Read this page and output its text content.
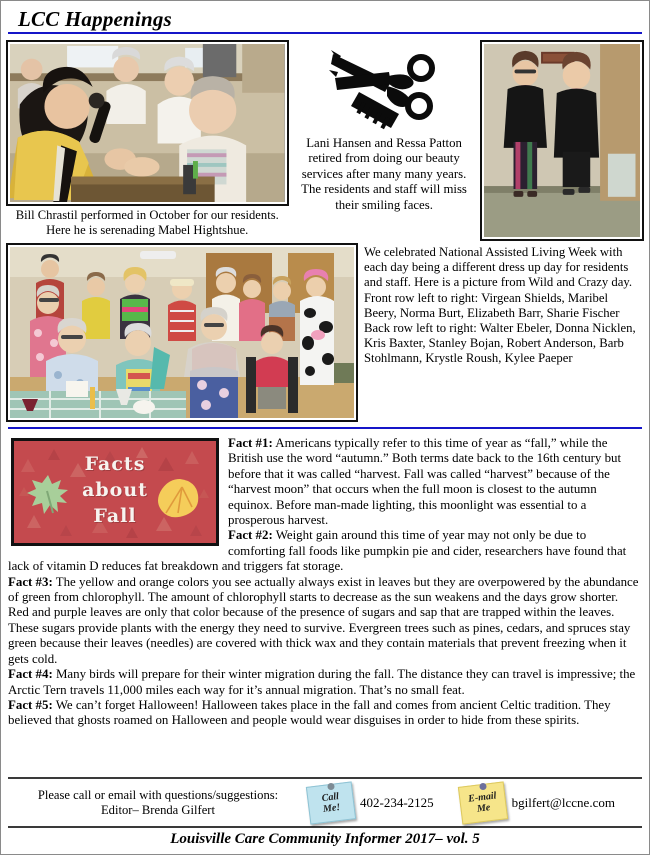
LCC Happenings
Bill Chrastil performed in October for our residents. Here he is serenading Mabel Hightshue.
Lani Hansen and Ressa Patton retired from doing our beauty services after many many years. The residents and staff will miss their smiling faces.
We celebrated National Assisted Living Week with each day being a different dress up day for residents and staff. Here is a picture from Wild and Crazy day.
Front row left to right: Virgean Shields, Maribel Beery, Norma Burt, Elizabeth Barr, Sharie Fischer
Back row left to right: Walter Ebeler, Donna Nicklen, Kris Baxter, Stanley Bojan, Robert Anderson, Barb Stohlmann, Krystle Roush, Kylee Paeper
Facts
about
Fall

Fact #1: Americans typically refer to this time of year as “fall,” while the British use the word “autumn.” Both terms date back to the 16th century but before that it was called “harvest. Fall was called “harvest” because of the “harvest moon” that occurs when the full moon is closest to the autumn equinox. Before man-made lighting, this moonlight was essential to a prosperous harvest.

Fact #2: Weight gain around this time of year may not only be due to comforting fall foods like pumpkin pie and cider, researchers have found that lack of vitamin D reduces fat breakdown and triggers fat storage.

Fact #3: The yellow and orange colors you see actually always exist in leaves but they are overpowered by the abundance of green from chlorophyll. The amount of chlorophyll starts to decrease as the sun weakens and the days grow shorter. Red and purple leaves are only that color because of the presence of sugars and sap that are trapped within the leaves. These sugars provide plants with the energy they need to survive. Evergreen trees such as pines, cedars, and spruces stay green because their leaves (needles) are covered with thick wax and they contain materials that prevent freezing when it gets cold.

Fact #4: Many birds will prepare for their winter migration during the fall. The distance they can travel is impressive; the Arctic Tern travels 11,000 miles each way for it’s annual migration. That’s no small feat.

Fact #5: We can’t forget Halloween! Halloween takes place in the fall and comes from ancient Celtic tradition. They believed that ghosts roamed on Halloween and people would wear disguises in order to hide from these spirits.

Please call or email with questions/suggestions:
Editor– Brenda Gilfert
Call
Me! 402-234-2125	E-mail
Me bgilfert@lccne.com
Louisville Care Community Informer 2017– vol. 5
